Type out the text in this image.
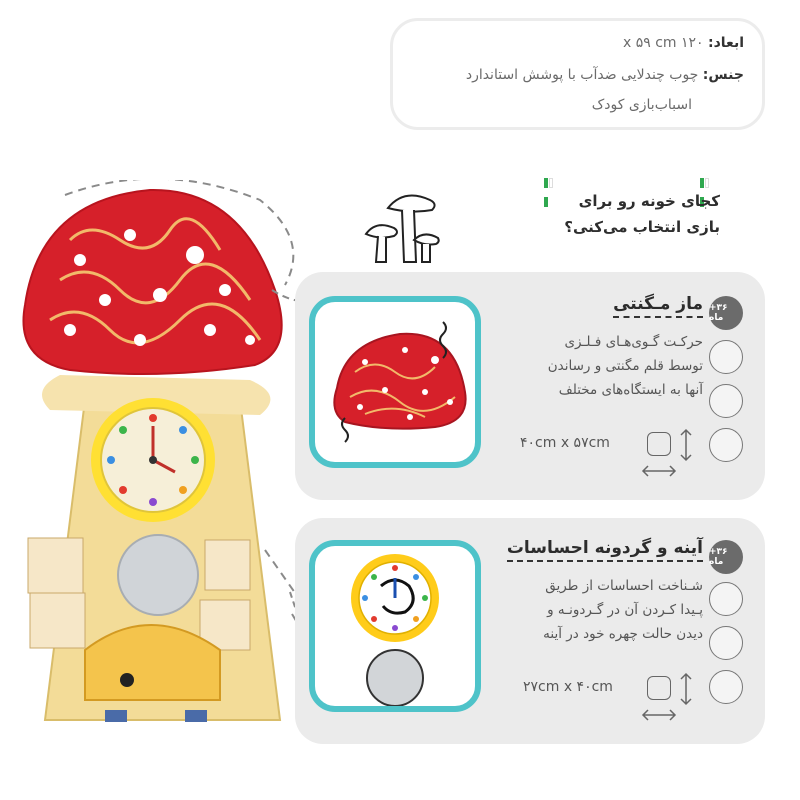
ابعاد: ۱۲۰ x ۵۹ cm
جنس: چوب چندلایی ضدآب با پوشش استاندارد
اسباب‌بازی کودک
کجای خونه رو برای
بازی انتخاب می‌کنی؟
+۳۶ ماه
ماز مـگنتی
حرکـت گـوی‌هـای فـلـزی
توسط قلم مگنتی و رساندن
آنها به ایستگاه‌های مختلف
۴۰cm x ۵۷cm
+۳۶ ماه
آینه و گردونه احساسات
شـناخت احساسات از طریق
پـیدا کـردن آن در گـردونـه و
دیدن حالت چهره خود در آینه
۲۷cm x ۴۰cm
